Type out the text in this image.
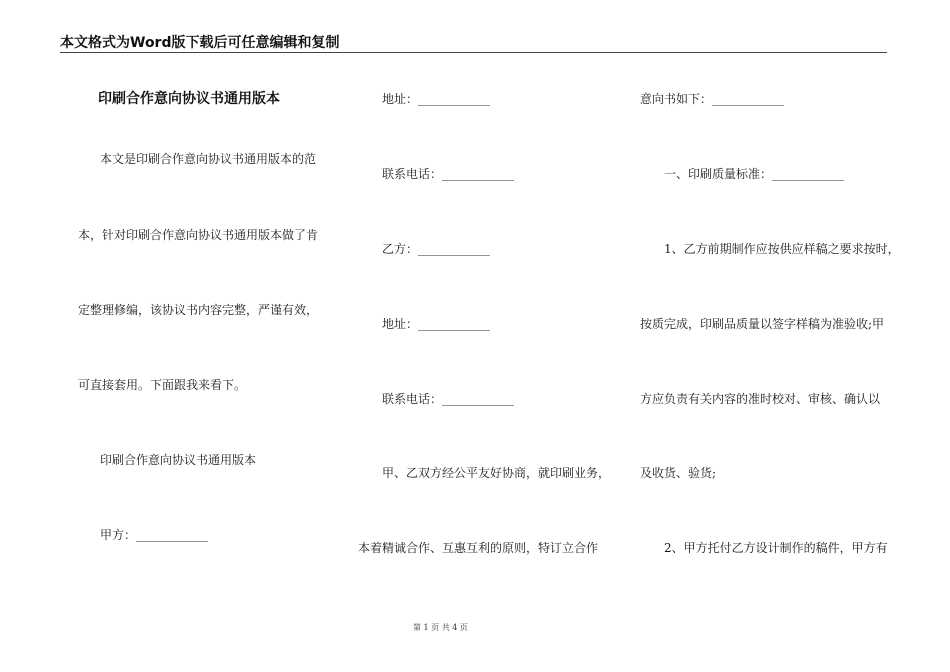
本文格式为Word版下载后可任意编辑和复制
印刷合作意向协议书通用版本
本文是印刷合作意向协议书通用版本的范
本，针对印刷合作意向协议书通用版本做了肯
定整理修编，该协议书内容完整，严谨有效，
可直接套用。下面跟我来看下。
印刷合作意向协议书通用版本
甲方：____________
地址：____________
联系电话：____________
乙方：____________
地址：____________
联系电话：____________
甲、乙双方经公平友好协商，就印刷业务，
本着精诚合作、互惠互利的原则，特订立合作
意向书如下：____________
一、印刷质量标准：____________
1、乙方前期制作应按供应样稿之要求按时，
按质完成，印刷品质量以签字样稿为准验收;甲
方应负责有关内容的准时校对、审核、确认以
及收货、验货;
2、甲方托付乙方设计制作的稿件，甲方有
第 1 页 共 4 页
